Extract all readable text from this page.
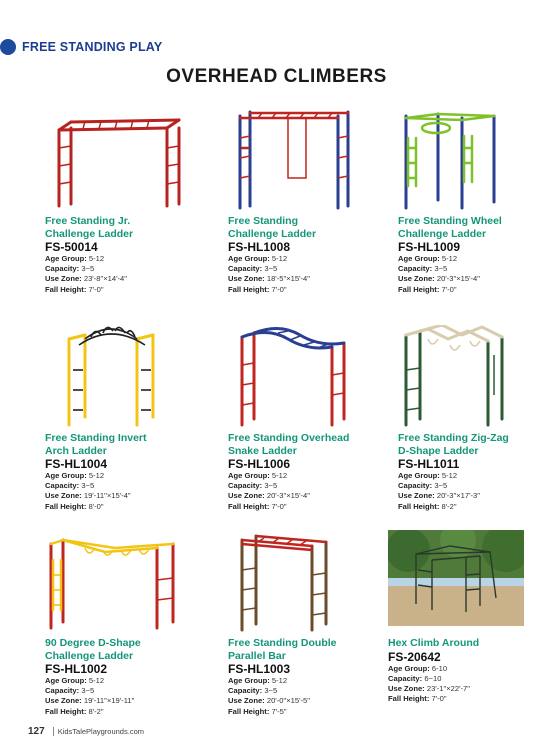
FREE STANDING PLAY
OVERHEAD CLIMBERS
Free Standing Jr.
Challenge Ladder
FS-50014
Age Group: 5-12
Capacity: 3~5
Use Zone: 23'-8"×14'-4"
Fall Height: 7'-0"
Free Standing
Challenge Ladder
FS-HL1008
Age Group: 5-12
Capacity: 3~5
Use Zone: 18'-5"×15'-4"
Fall Height: 7'-0"
Free Standing Wheel
Challenge Ladder
FS-HL1009
Age Group: 5-12
Capacity: 3~5
Use Zone: 20'-3"×15'-4"
Fall Height: 7'-0"
Free Standing Invert
Arch Ladder
FS-HL1004
Age Group: 5-12
Capacity: 3~5
Use Zone: 19'-11"×15'-4"
Fall Height: 8'-0"
Free Standing Overhead
Snake Ladder
FS-HL1006
Age Group: 5-12
Capacity: 3~5
Use Zone: 20'-3"×15'-4"
Fall Height: 7'-0"
Free Standing Zig-Zag
D-Shape Ladder
FS-HL1011
Age Group: 5-12
Capacity: 3~5
Use Zone: 20'-3"×17'-3"
Fall Height: 8'-2"
90 Degree D-Shape
Challenge Ladder
FS-HL1002
Age Group: 5-12
Capacity: 3~5
Use Zone: 19'-11"×19'-11"
Fall Height: 8'-2"
Free Standing Double
Parallel Bar
FS-HL1003
Age Group: 5-12
Capacity: 3~5
Use Zone: 20'-0"×15'-5"
Fall Height: 7'-5"
Hex Climb Around
FS-20642
Age Group: 6-10
Capacity: 6~10
Use Zone: 23'-1"×22'-7"
Fall Height: 7'-0"
127 KidsTalePlaygrounds.com
